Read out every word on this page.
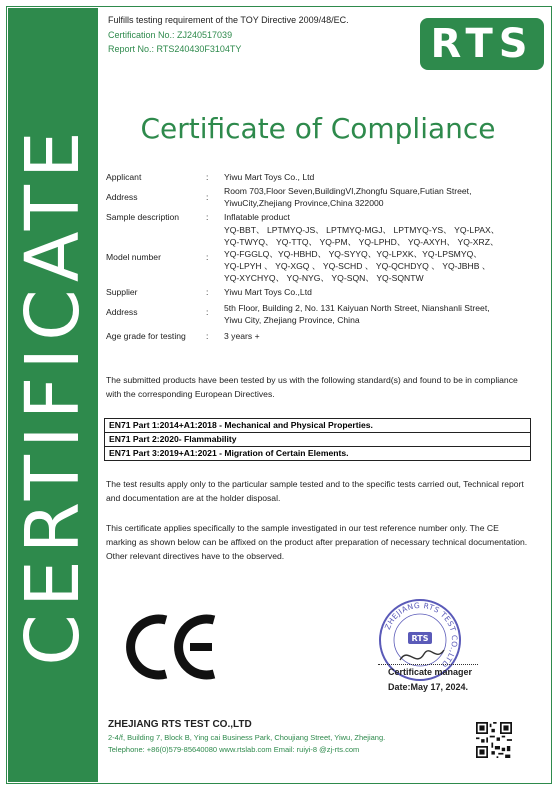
CERTIFICATE
Fulfills testing requirement of the TOY Directive 2009/48/EC.
Certification No.: ZJ240517039
Report No.: RTS240430F3104TY	RTS
Certificate of Compliance
Applicant	:	Yiwu Mart Toys Co., Ltd
Address	:
Room 703,Floor Seven,BuildingVI,Zhongfu Square,Futian Street,
YiwuCity,Zhejiang Province,China 322000
Sample description	:	Inflatable product
Model number	:
YQ-BBT、 LPTMYQ-JS、 LPTMYQ-MGJ、 LPTMYQ-YS、 YQ-LPAX、
YQ-TWYQ、 YQ-TTQ、 YQ-PM、 YQ-LPHD、 YQ-AXYH、 YQ-XRZ、
YQ-FGGLQ、YQ-HBHD、 YQ-SYYQ、YQ-LPXK、YQ-LPSMYQ、
YQ-LPYH 、 YQ-XGQ 、 YQ-SCHD 、 YQ-QCHDYQ 、 YQ-JBHB 、
YQ-XYCHYQ、 YQ-NYG、 YQ-SQN、 YQ-SQNTW
Supplier	:	Yiwu Mart Toys Co.,Ltd
Address	:	5th Floor, Building 2, No. 131 Kaiyuan North Street, Nianshanli Street,
Yiwu City, Zhejiang Province, China
Age grade for testing	:	3 years +
The submitted products have been tested by us with the following standard(s) and found to be in compliance with the corresponding European Directives.
EN71 Part 1:2014+A1:2018 - Mechanical and Physical Properties.
EN71 Part 2:2020- Flammability
EN71 Part 3:2019+A1:2021 - Migration of Certain Elements.
The test results apply only to the particular sample tested and to the specific tests carried out, Technical report and documentation are at the holder disposal.
This certificate applies specifically to the sample investigated in our test reference number only. The CE marking as shown below can be affixed on the product after preparation of necessary technical documentation. Other relevant directives have to the observed.
CE
ZHEJIANG RTS TEST CO.,LTD
RTS
Certificate manager
Date:May 17, 2024.
ZHEJIANG RTS TEST CO.,LTD
2-4/f, Building 7, Block B, Ying cai Business Park, Choujiang Street, Yiwu, Zhejiang.
Telephone: +86(0)579-85640080 www.rtslab.com Email: ruiyi-8 @zj-rts.com
